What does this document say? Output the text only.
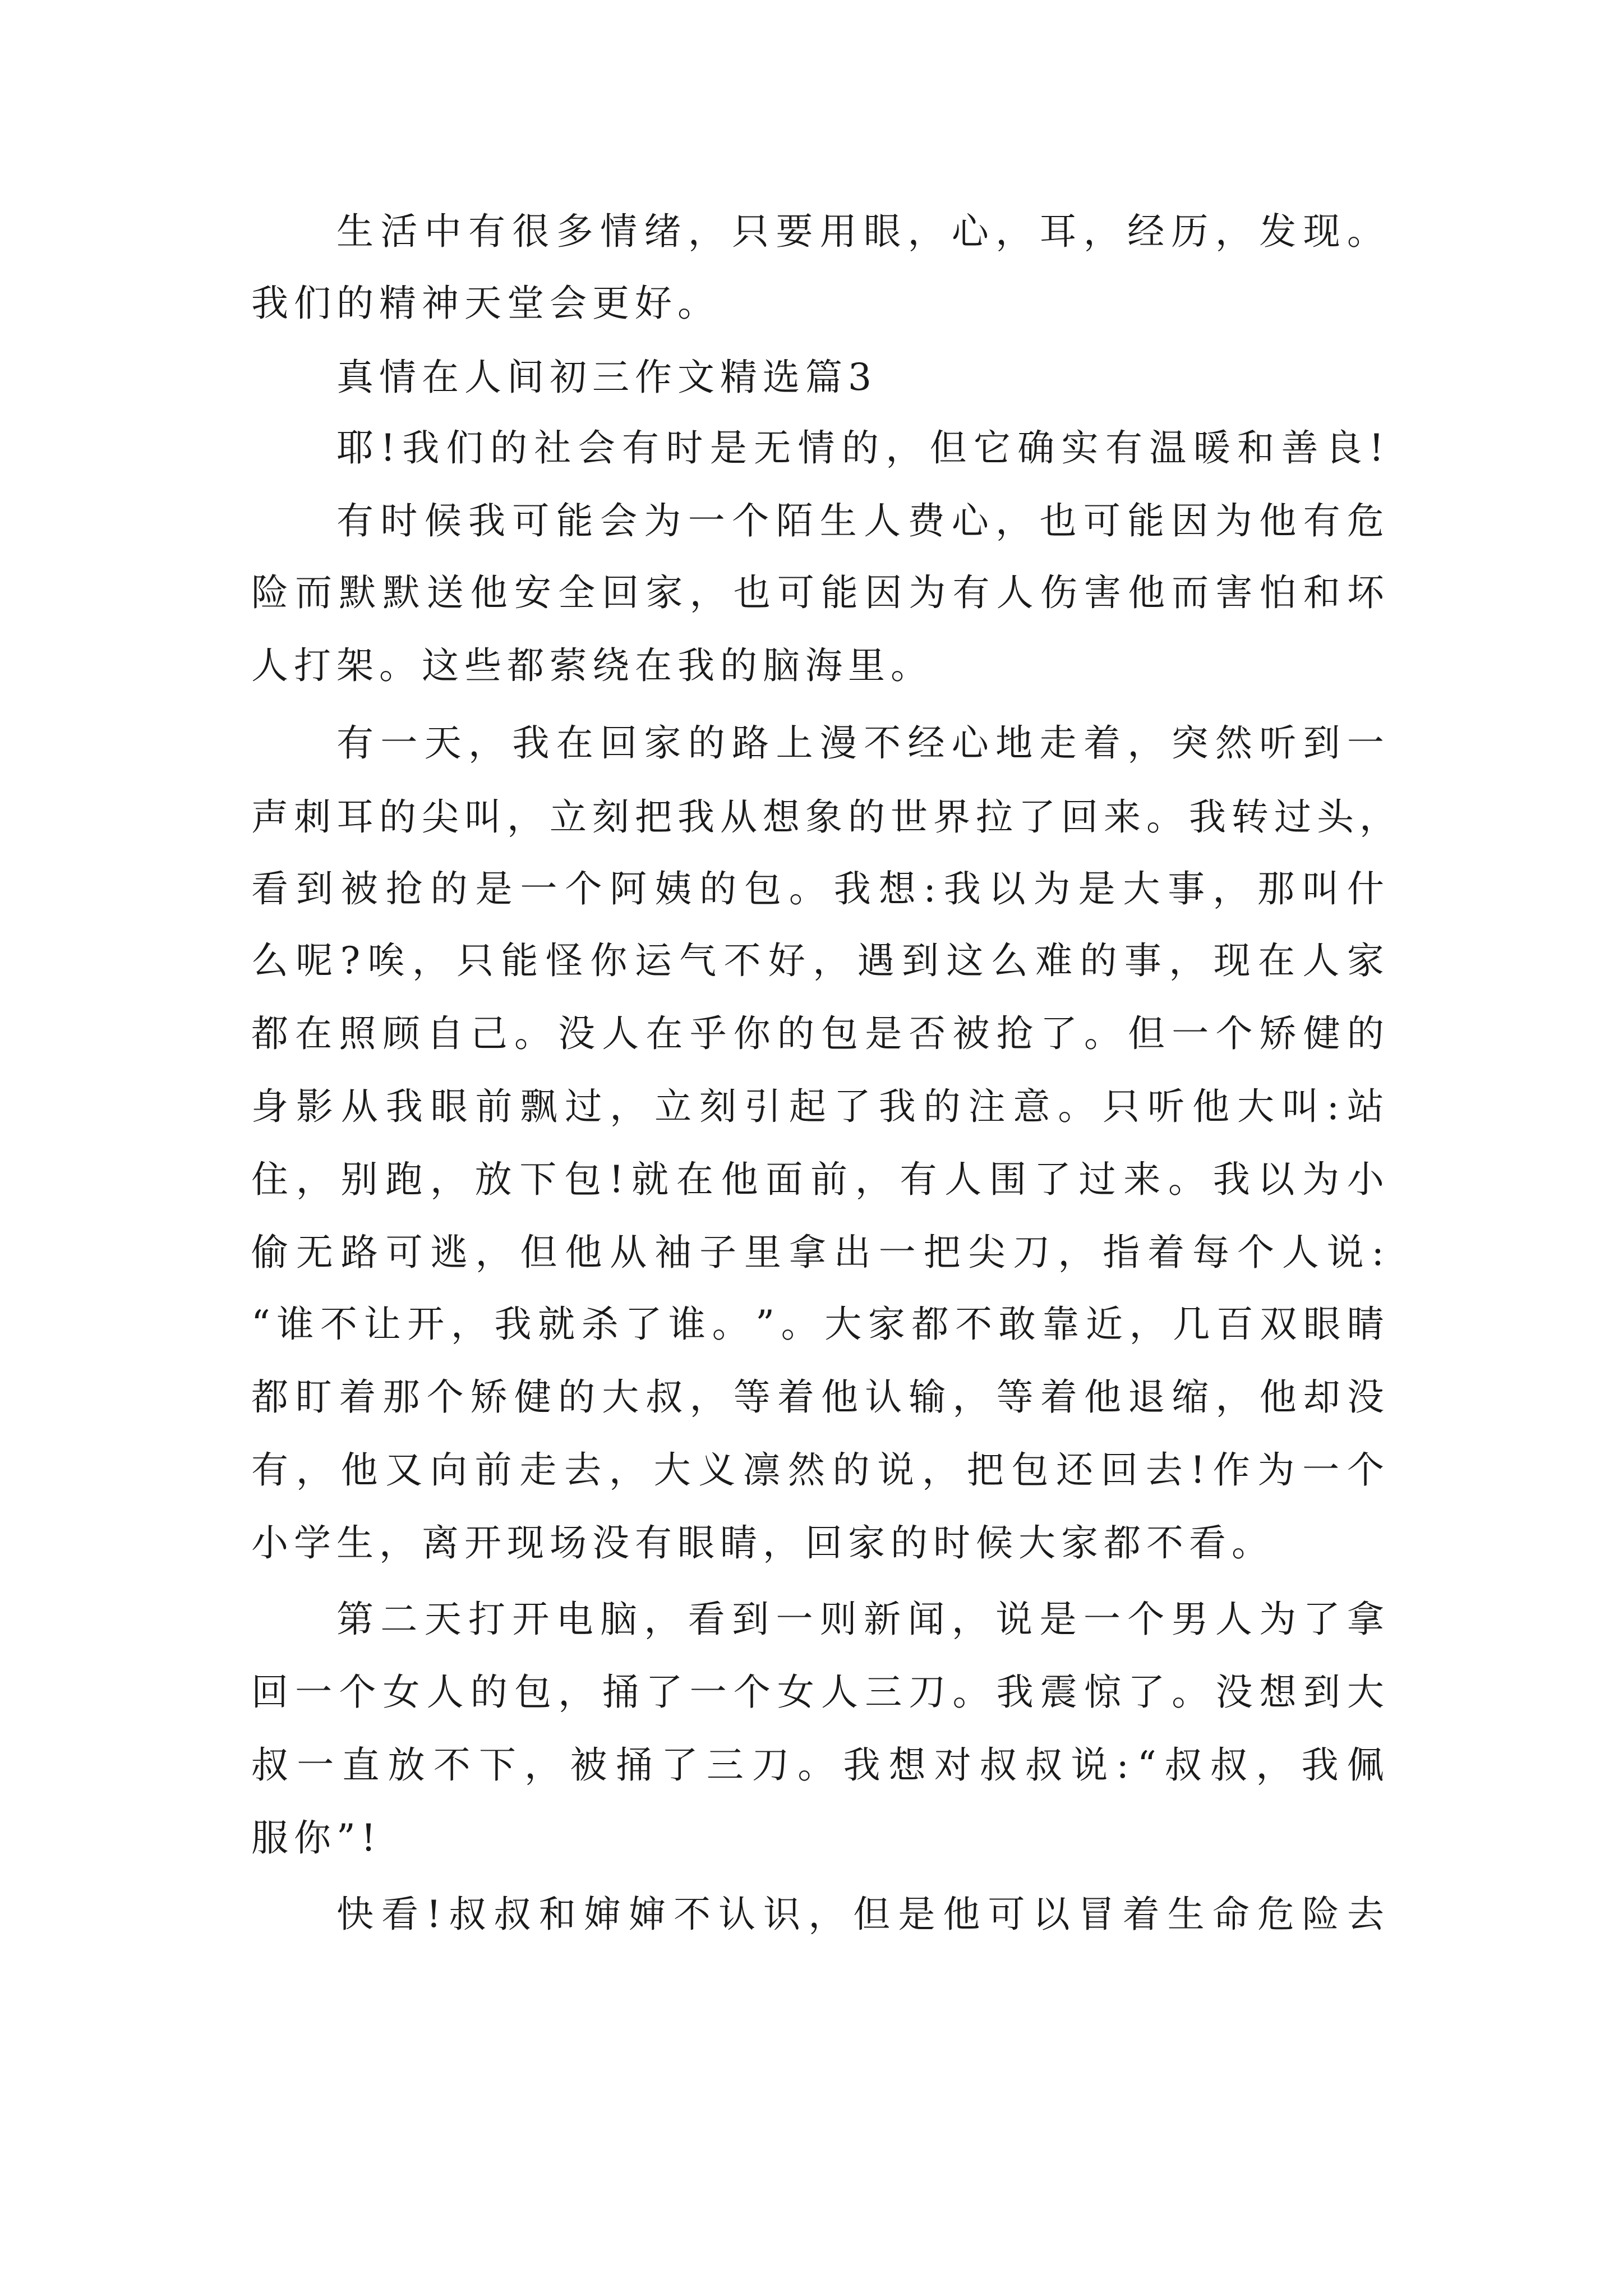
生 活 中 有 很 多 情 绪 ， 只 要 用 眼 ， 心 ， 耳 ， 经 历 ， 发 现 。
我们的精神天堂会更好。
真情在人间初三作文精选篇3
耶 ! 我 们 的 社 会 有 时 是 无 情 的 ， 但 它 确 实 有 温 暖 和 善 良 !
有 时 候 我 可 能 会 为 一 个 陌 生 人 费 心 ， 也 可 能 因 为 他 有 危
险 而 默 默 送 他 安 全 回 家 ， 也 可 能 因 为 有 人 伤 害 他 而 害 怕 和 坏
人打架。这些都萦绕在我的脑海里。
有 一 天 ， 我 在 回 家 的 路 上 漫 不 经 心 地 走 着 ， 突 然 听 到 一
声 刺 耳 的 尖 叫 ， 立 刻 把 我 从 想 象 的 世 界 拉 了 回 来 。 我 转 过 头 ，
看 到 被 抢 的 是 一 个 阿 姨 的 包 。 我 想 : 我 以 为 是 大 事 ， 那 叫 什
么 呢 ? 唉 ， 只 能 怪 你 运 气 不 好 ， 遇 到 这 么 难 的 事 ， 现 在 人 家
都 在 照 顾 自 己 。 没 人 在 乎 你 的 包 是 否 被 抢 了 。 但 一 个 矫 健 的
身 影 从 我 眼 前 飘 过 ， 立 刻 引 起 了 我 的 注 意 。 只 听 他 大 叫 : 站
住 ， 别 跑 ， 放 下 包 ! 就 在 他 面 前 ， 有 人 围 了 过 来 。 我 以 为 小
偷 无 路 可 逃 ， 但 他 从 袖 子 里 拿 出 一 把 尖 刀 ， 指 着 每 个 人 说 :
“ 谁 不 让 开 ， 我 就 杀 了 谁 。 ” 。 大 家 都 不 敢 靠 近 ， 几 百 双 眼 睛
都 盯 着 那 个 矫 健 的 大 叔 ， 等 着 他 认 输 ， 等 着 他 退 缩 ， 他 却 没
有 ， 他 又 向 前 走 去 ， 大 义 凛 然 的 说 ， 把 包 还 回 去 ! 作 为 一 个
小学生，离开现场没有眼睛，回家的时候大家都不看。
第 二 天 打 开 电 脑 ， 看 到 一 则 新 闻 ， 说 是 一 个 男 人 为 了 拿
回 一 个 女 人 的 包 ， 捅 了 一 个 女 人 三 刀 。 我 震 惊 了 。 没 想 到 大
叔 一 直 放 不 下 ， 被 捅 了 三 刀 。 我 想 对 叔 叔 说 : “ 叔 叔 ， 我 佩
服你”!
快 看 ! 叔 叔 和 婶 婶 不 认 识 ， 但 是 他 可 以 冒 着 生 命 危 险 去
